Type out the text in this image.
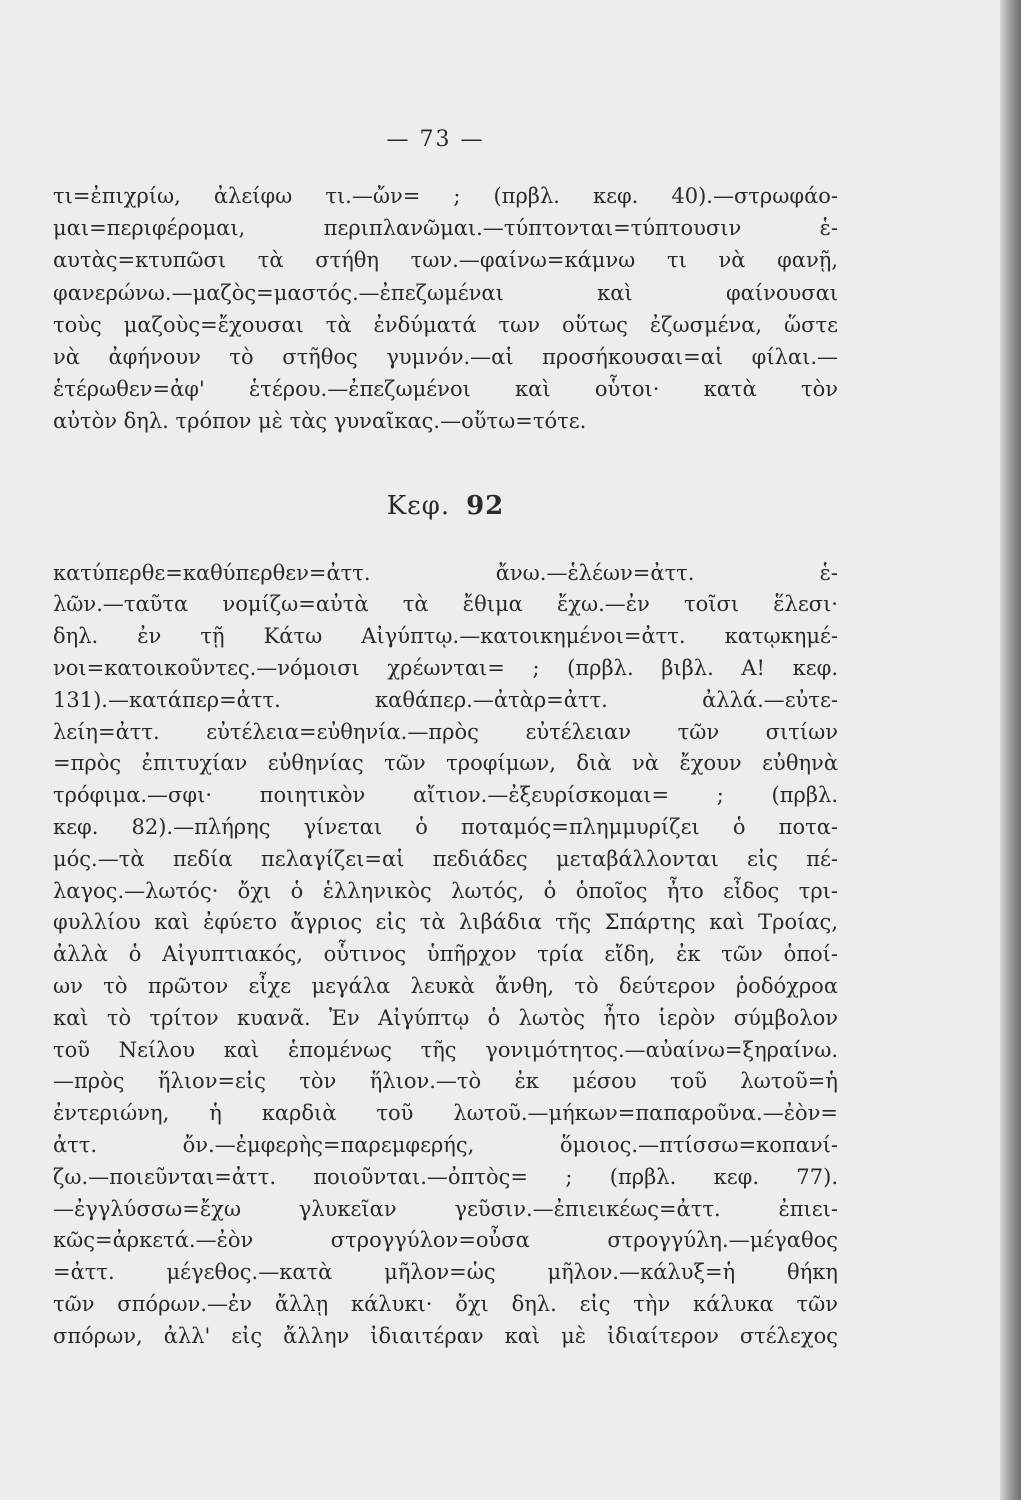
— 73 —

τι=ἐπιχρίω, ἀλείφω τι.—ὤν= ; (πρβλ. κεφ. 40).—στρωφάο-

μαι=περιφέρομαι, περιπλανῶμαι.—τύπτονται=τύπτουσιν ἑ-

αυτὰς=κτυπῶσι τὰ στήθη των.—φαίνω=κάμνω τι νὰ φανῇ,

φανερώνω.—μαζὸς=μαστός.—ἐπεζωμέναι καὶ φαίνουσαι

τοὺς μαζοὺς=ἔχουσαι τὰ ἐνδύματά των οὕτως ἐζωσμένα, ὥστε

νὰ ἀφήνουν τὸ στῆθος γυμνόν.—αἱ προσήκουσαι=αἱ φίλαι.—

ἑτέρωθεν=ἀφ' ἑτέρου.—ἐπεζωμένοι καὶ οὗτοι· κατὰ τὸν

αὐτὸν δηλ. τρόπον μὲ τὰς γυναῖκας.—οὕτω=τότε.

Κεφ. 92

κατύπερθε=καθύπερθεν=ἀττ. ἄνω.—ἑλέων=ἀττ. ἑ-

λῶν.—ταῦτα νομίζω=αὐτὰ τὰ ἔθιμα ἔχω.—ἐν τοῖσι ἕλεσι·

δηλ. ἐν τῇ Κάτω Αἰγύπτῳ.—κατοικημένοι=ἀττ. κατῳκημέ-

νοι=κατοικοῦντες.—νόμοισι χρέωνται= ; (πρβλ. βιβλ. Α! κεφ.

131).—κατάπερ=ἀττ. καθάπερ.—ἀτὰρ=ἀττ. ἀλλά.—εὐτε-

λείη=ἀττ. εὐτέλεια=εὐθηνία.—πρὸς εὐτέλειαν τῶν σιτίων

=πρὸς ἐπιτυχίαν εὐθηνίας τῶν τροφίμων, διὰ νὰ ἔχουν εὐθηνὰ

τρόφιμα.—σφι· ποιητικὸν αἴτιον.—ἐξευρίσκομαι= ; (πρβλ.

κεφ. 82).—πλήρης γίνεται ὁ ποταμός=πλημμυρίζει ὁ ποτα-

μός.—τὰ πεδία πελαγίζει=αἱ πεδιάδες μεταβάλλονται εἰς πέ-

λαγος.—λωτός· ὄχι ὁ ἑλληνικὸς λωτός, ὁ ὁποῖος ἦτο εἶδος τρι-

φυλλίου καὶ ἐφύετο ἄγριος εἰς τὰ λιβάδια τῆς Σπάρτης καὶ Τροίας,

ἀλλὰ ὁ Αἰγυπτιακός, οὗτινος ὑπῆρχον τρία εἴδη, ἐκ τῶν ὁποί-

ων τὸ πρῶτον εἶχε μεγάλα λευκὰ ἄνθη, τὸ δεύτερον ῥοδόχροα

καὶ τὸ τρίτον κυανᾶ. Ἐν Αἰγύπτῳ ὁ λωτὸς ἦτο ἱερὸν σύμβολον

τοῦ Νείλου καὶ ἑπομένως τῆς γονιμότητος.—αὐαίνω=ξηραίνω.

—πρὸς ἥλιον=εἰς τὸν ἥλιον.—τὸ ἐκ μέσου τοῦ λωτοῦ=ἡ

ἐντεριώνη, ἡ καρδιὰ τοῦ λωτοῦ.—μήκων=παπαροῦνα.—ἐὸν=

ἀττ. ὄν.—ἐμφερὴς=παρεμφερής, ὅμοιος.—πτίσσω=κοπανί-

ζω.—ποιεῦνται=ἀττ. ποιοῦνται.—ὀπτὸς= ; (πρβλ. κεφ. 77).

—ἐγγλύσσω=ἔχω γλυκεῖαν γεῦσιν.—ἐπιεικέως=ἀττ. ἐπιει-

κῶς=ἀρκετά.—ἐὸν στρογγύλον=οὖσα στρογγύλη.—μέγαθος

=ἀττ. μέγεθος.—κατὰ μῆλον=ὡς μῆλον.—κάλυξ=ἡ θήκη

τῶν σπόρων.—ἐν ἄλλῃ κάλυκι· ὄχι δηλ. εἰς τὴν κάλυκα τῶν

σπόρων, ἀλλ' εἰς ἄλλην ἰδιαιτέραν καὶ μὲ ἰδιαίτερον στέλεχος
